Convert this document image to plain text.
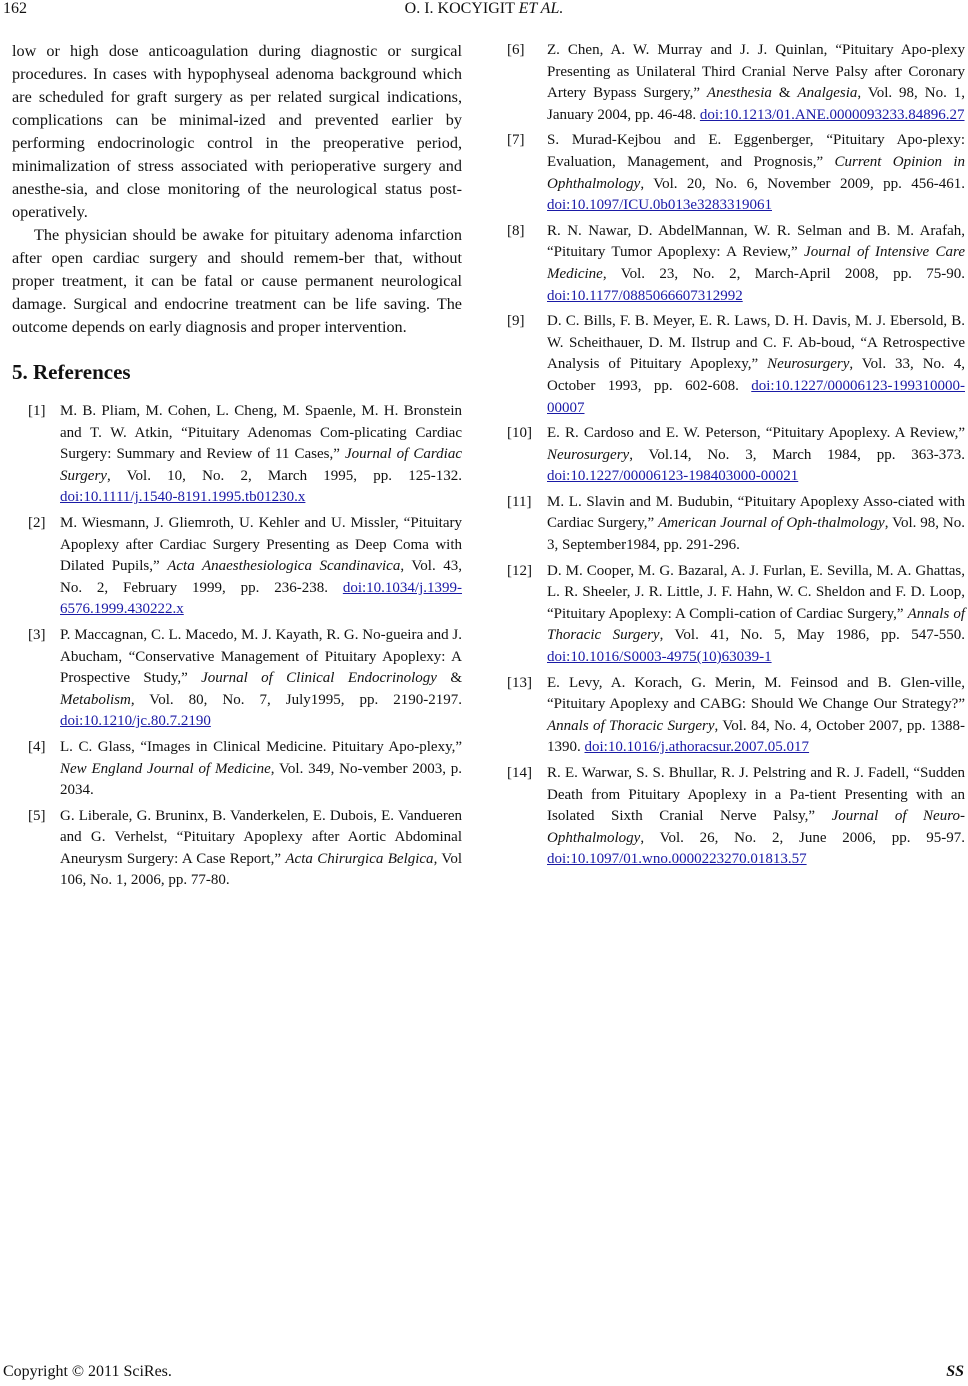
162	O. I. KOCYIGIT ET AL.

low or high dose anticoagulation during diagnostic or surgical procedures. In cases with hypophyseal adenoma background which are scheduled for graft surgery as per related surgical indications, complications can be minimal-ized and prevented earlier by performing endocrinologic control in the preoperative period, minimalization of stress associated with perioperative surgery and anesthe-sia, and close monitoring of the neurological status post-operatively.

The physician should be awake for pituitary adenoma infarction after open cardiac surgery and should remem-ber that, without proper treatment, it can be fatal or cause permanent neurological damage. Surgical and endocrine treatment can be life saving. The outcome depends on early diagnosis and proper intervention.

5. References
[1] M. B. Pliam, M. Cohen, L. Cheng, M. Spaenle, M. H. Bronstein and T. W. Atkin, “Pituitary Adenomas Com-plicating Cardiac Surgery: Summary and Review of 11 Cases,” Journal of Cardiac Surgery, Vol. 10, No. 2, March 1995, pp. 125-132. doi:10.1111/j.1540-8191.1995.tb01230.x
[2] M. Wiesmann, J. Gliemroth, U. Kehler and U. Missler, “Pituitary Apoplexy after Cardiac Surgery Presenting as Deep Coma with Dilated Pupils,” Acta Anaesthesiologica Scandinavica, Vol. 43, No. 2, February 1999, pp. 236-238. doi:10.1034/j.1399-6576.1999.430222.x
[3] P. Maccagnan, C. L. Macedo, M. J. Kayath, R. G. No-gueira and J. Abucham, “Conservative Management of Pituitary Apoplexy: A Prospective Study,” Journal of Clinical Endocrinology & Metabolism, Vol. 80, No. 7, July1995, pp. 2190-2197. doi:10.1210/jc.80.7.2190
[4] L. C. Glass, “Images in Clinical Medicine. Pituitary Apo-plexy,” New England Journal of Medicine, Vol. 349, No-vember 2003, p. 2034.
[5] G. Liberale, G. Bruninx, B. Vanderkelen, E. Dubois, E. Vandueren and G. Verhelst, “Pituitary Apoplexy after Aortic Abdominal Aneurysm Surgery: A Case Report,” Acta Chirurgica Belgica, Vol 106, No. 1, 2006, pp. 77-80.
[6]	Z. Chen, A. W. Murray and J. J. Quinlan, “Pituitary Apo-plexy Presenting as Unilateral Third Cranial Nerve Palsy after Coronary Artery Bypass Surgery,” Anesthesia & Analgesia, Vol. 98, No. 1, January 2004, pp. 46-48. doi:10.1213/01.ANE.0000093233.84896.27
[7]	S. Murad-Kejbou and E. Eggenberger, “Pituitary Apo-plexy: Evaluation, Management, and Prognosis,” Current Opinion in Ophthalmology, Vol. 20, No. 6, November 2009, pp. 456-461. doi:10.1097/ICU.0b013e3283319061
[8]	R. N. Nawar, D. AbdelMannan, W. R. Selman and B. M. Arafah, “Pituitary Tumor Apoplexy: A Review,” Journal of Intensive Care Medicine, Vol. 23, No. 2, March-April 2008, pp. 75-90. doi:10.1177/0885066607312992
[9]	D. C. Bills, F. B. Meyer, E. R. Laws, D. H. Davis, M. J. Ebersold, B. W. Scheithauer, D. M. Ilstrup and C. F. Ab-boud, “A Retrospective Analysis of Pituitary Apoplexy,” Neurosurgery, Vol. 33, No. 4, October 1993, pp. 602-608. doi:10.1227/00006123-199310000-00007
[10]	E. R. Cardoso and E. W. Peterson, “Pituitary Apoplexy. A Review,” Neurosurgery, Vol.14, No. 3, March 1984, pp. 363-373. doi:10.1227/00006123-198403000-00021
[11]	M. L. Slavin and M. Budubin, “Pituitary Apoplexy Asso-ciated with Cardiac Surgery,” American Journal of Oph-thalmology, Vol. 98, No. 3, September1984, pp. 291-296.
[12]	D. M. Cooper, M. G. Bazaral, A. J. Furlan, E. Sevilla, M. A. Ghattas, L. R. Sheeler, J. R. Little, J. F. Hahn, W. C. Sheldon and F. D. Loop, “Pituitary Apoplexy: A Compli-cation of Cardiac Surgery,” Annals of Thoracic Surgery, Vol. 41, No. 5, May 1986, pp. 547-550. doi:10.1016/S0003-4975(10)63039-1
[13]	E. Levy, A. Korach, G. Merin, M. Feinsod and B. Glen-ville, “Pituitary Apoplexy and CABG: Should We Change Our Strategy?” Annals of Thoracic Surgery, Vol. 84, No. 4, October 2007, pp. 1388-1390. doi:10.1016/j.athoracsur.2007.05.017
[14]	R. E. Warwar, S. S. Bhullar, R. J. Pelstring and R. J. Fadell, “Sudden Death from Pituitary Apoplexy in a Pa-tient Presenting with an Isolated Sixth Cranial Nerve Palsy,” Journal of Neuro-Ophthalmology, Vol. 26, No. 2, June 2006, pp. 95-97. doi:10.1097/01.wno.0000223270.01813.57
Copyright © 2011 SciRes.	SS
